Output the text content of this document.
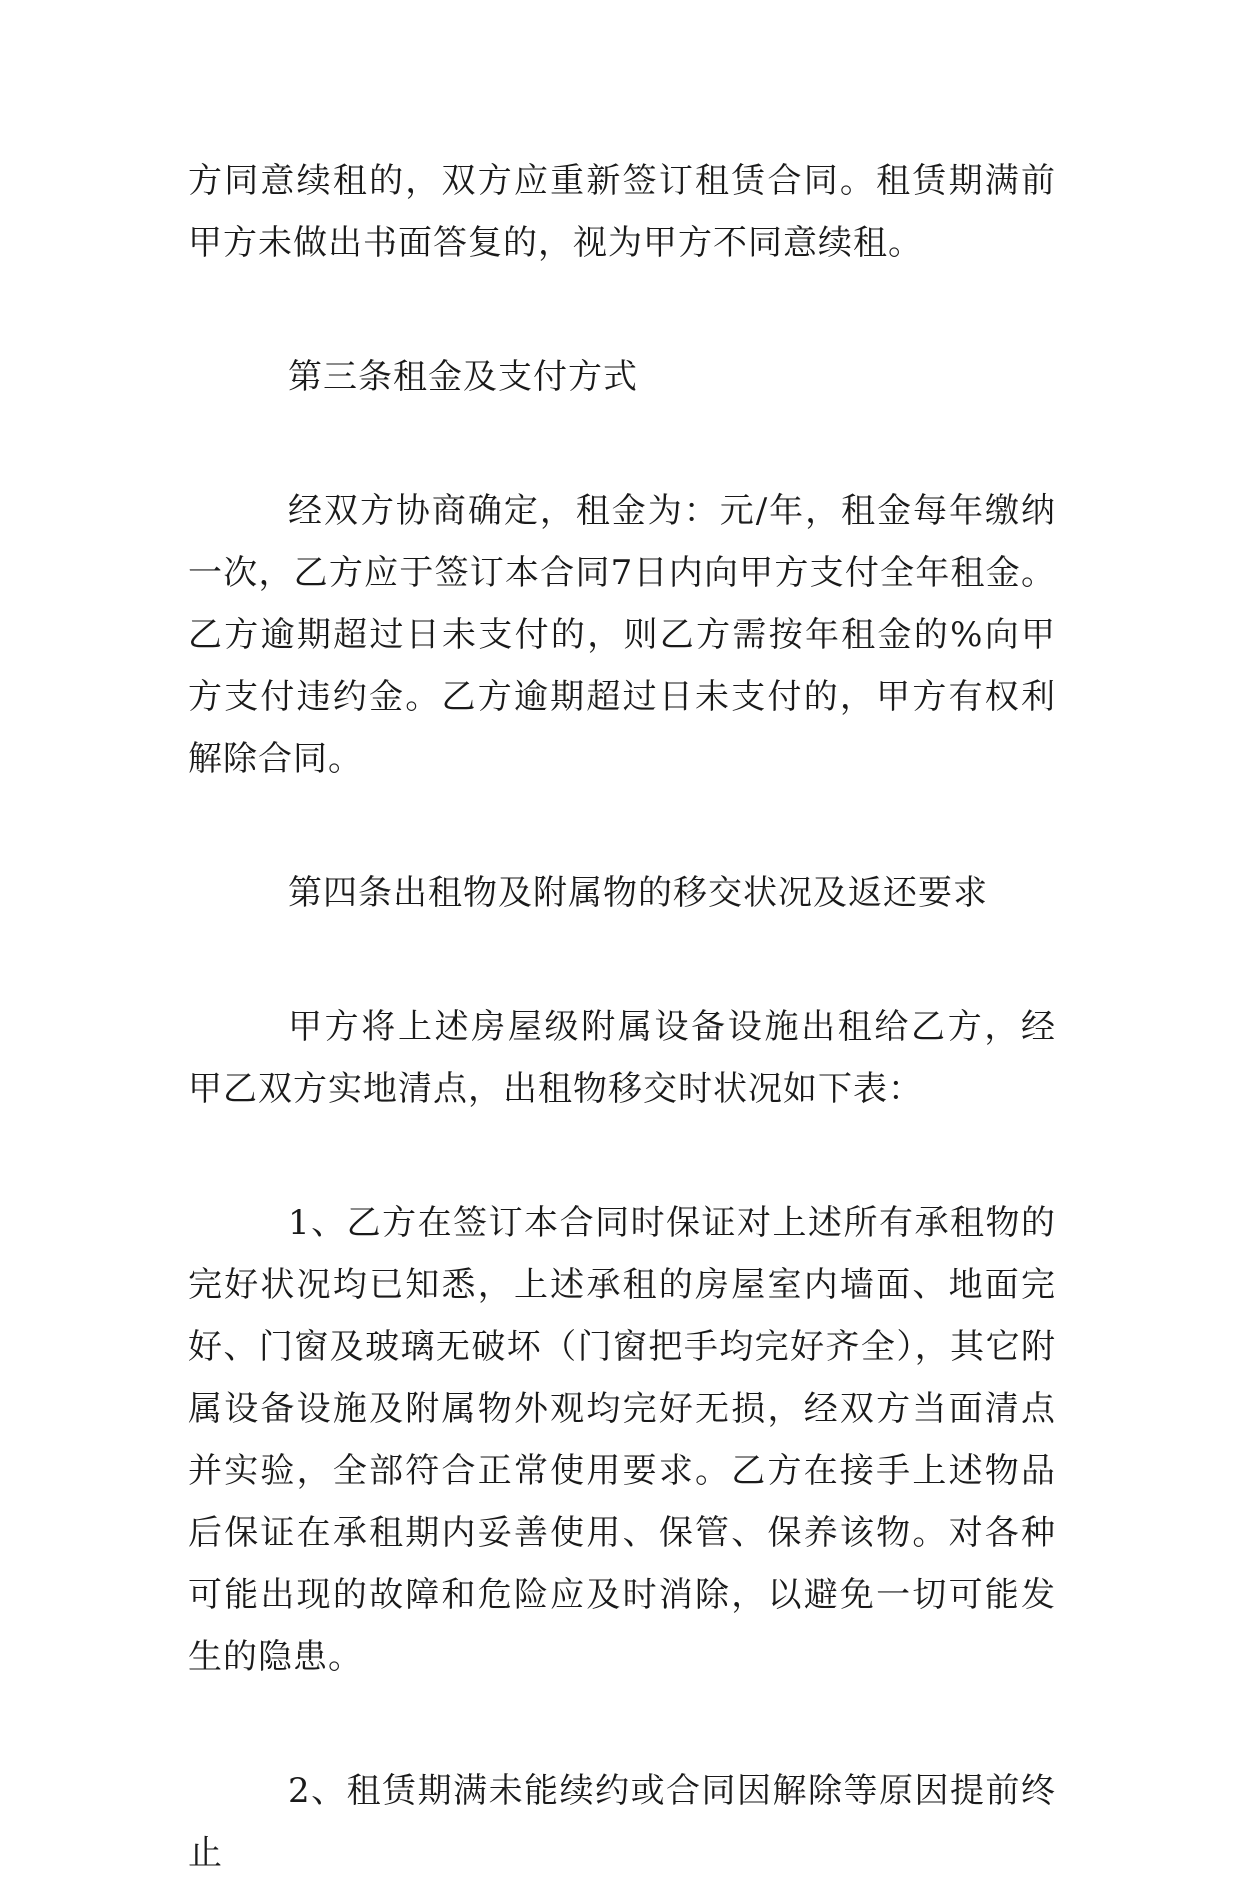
方同意续租的，双方应重新签订租赁合同。租赁期满前甲方未做出书面答复的，视为甲方不同意续租。

第三条租金及支付方式

经双方协商确定，租金为：元/年，租金每年缴纳一次，乙方应于签订本合同7日内向甲方支付全年租金。乙方逾期超过日未支付的，则乙方需按年租金的%向甲方支付违约金。乙方逾期超过日未支付的，甲方有权利解除合同。

第四条出租物及附属物的移交状况及返还要求

甲方将上述房屋级附属设备设施出租给乙方，经甲乙双方实地清点，出租物移交时状况如下表：

1、乙方在签订本合同时保证对上述所有承租物的完好状况均已知悉，上述承租的房屋室内墙面、地面完好、门窗及玻璃无破坏（门窗把手均完好齐全），其它附属设备设施及附属物外观均完好无损，经双方当面清点并实验，全部符合正常使用要求。乙方在接手上述物品后保证在承租期内妥善使用、保管、保养该物。对各种可能出现的故障和危险应及时消除，以避免一切可能发生的隐患。

2、租赁期满未能续约或合同因解除等原因提前终止
